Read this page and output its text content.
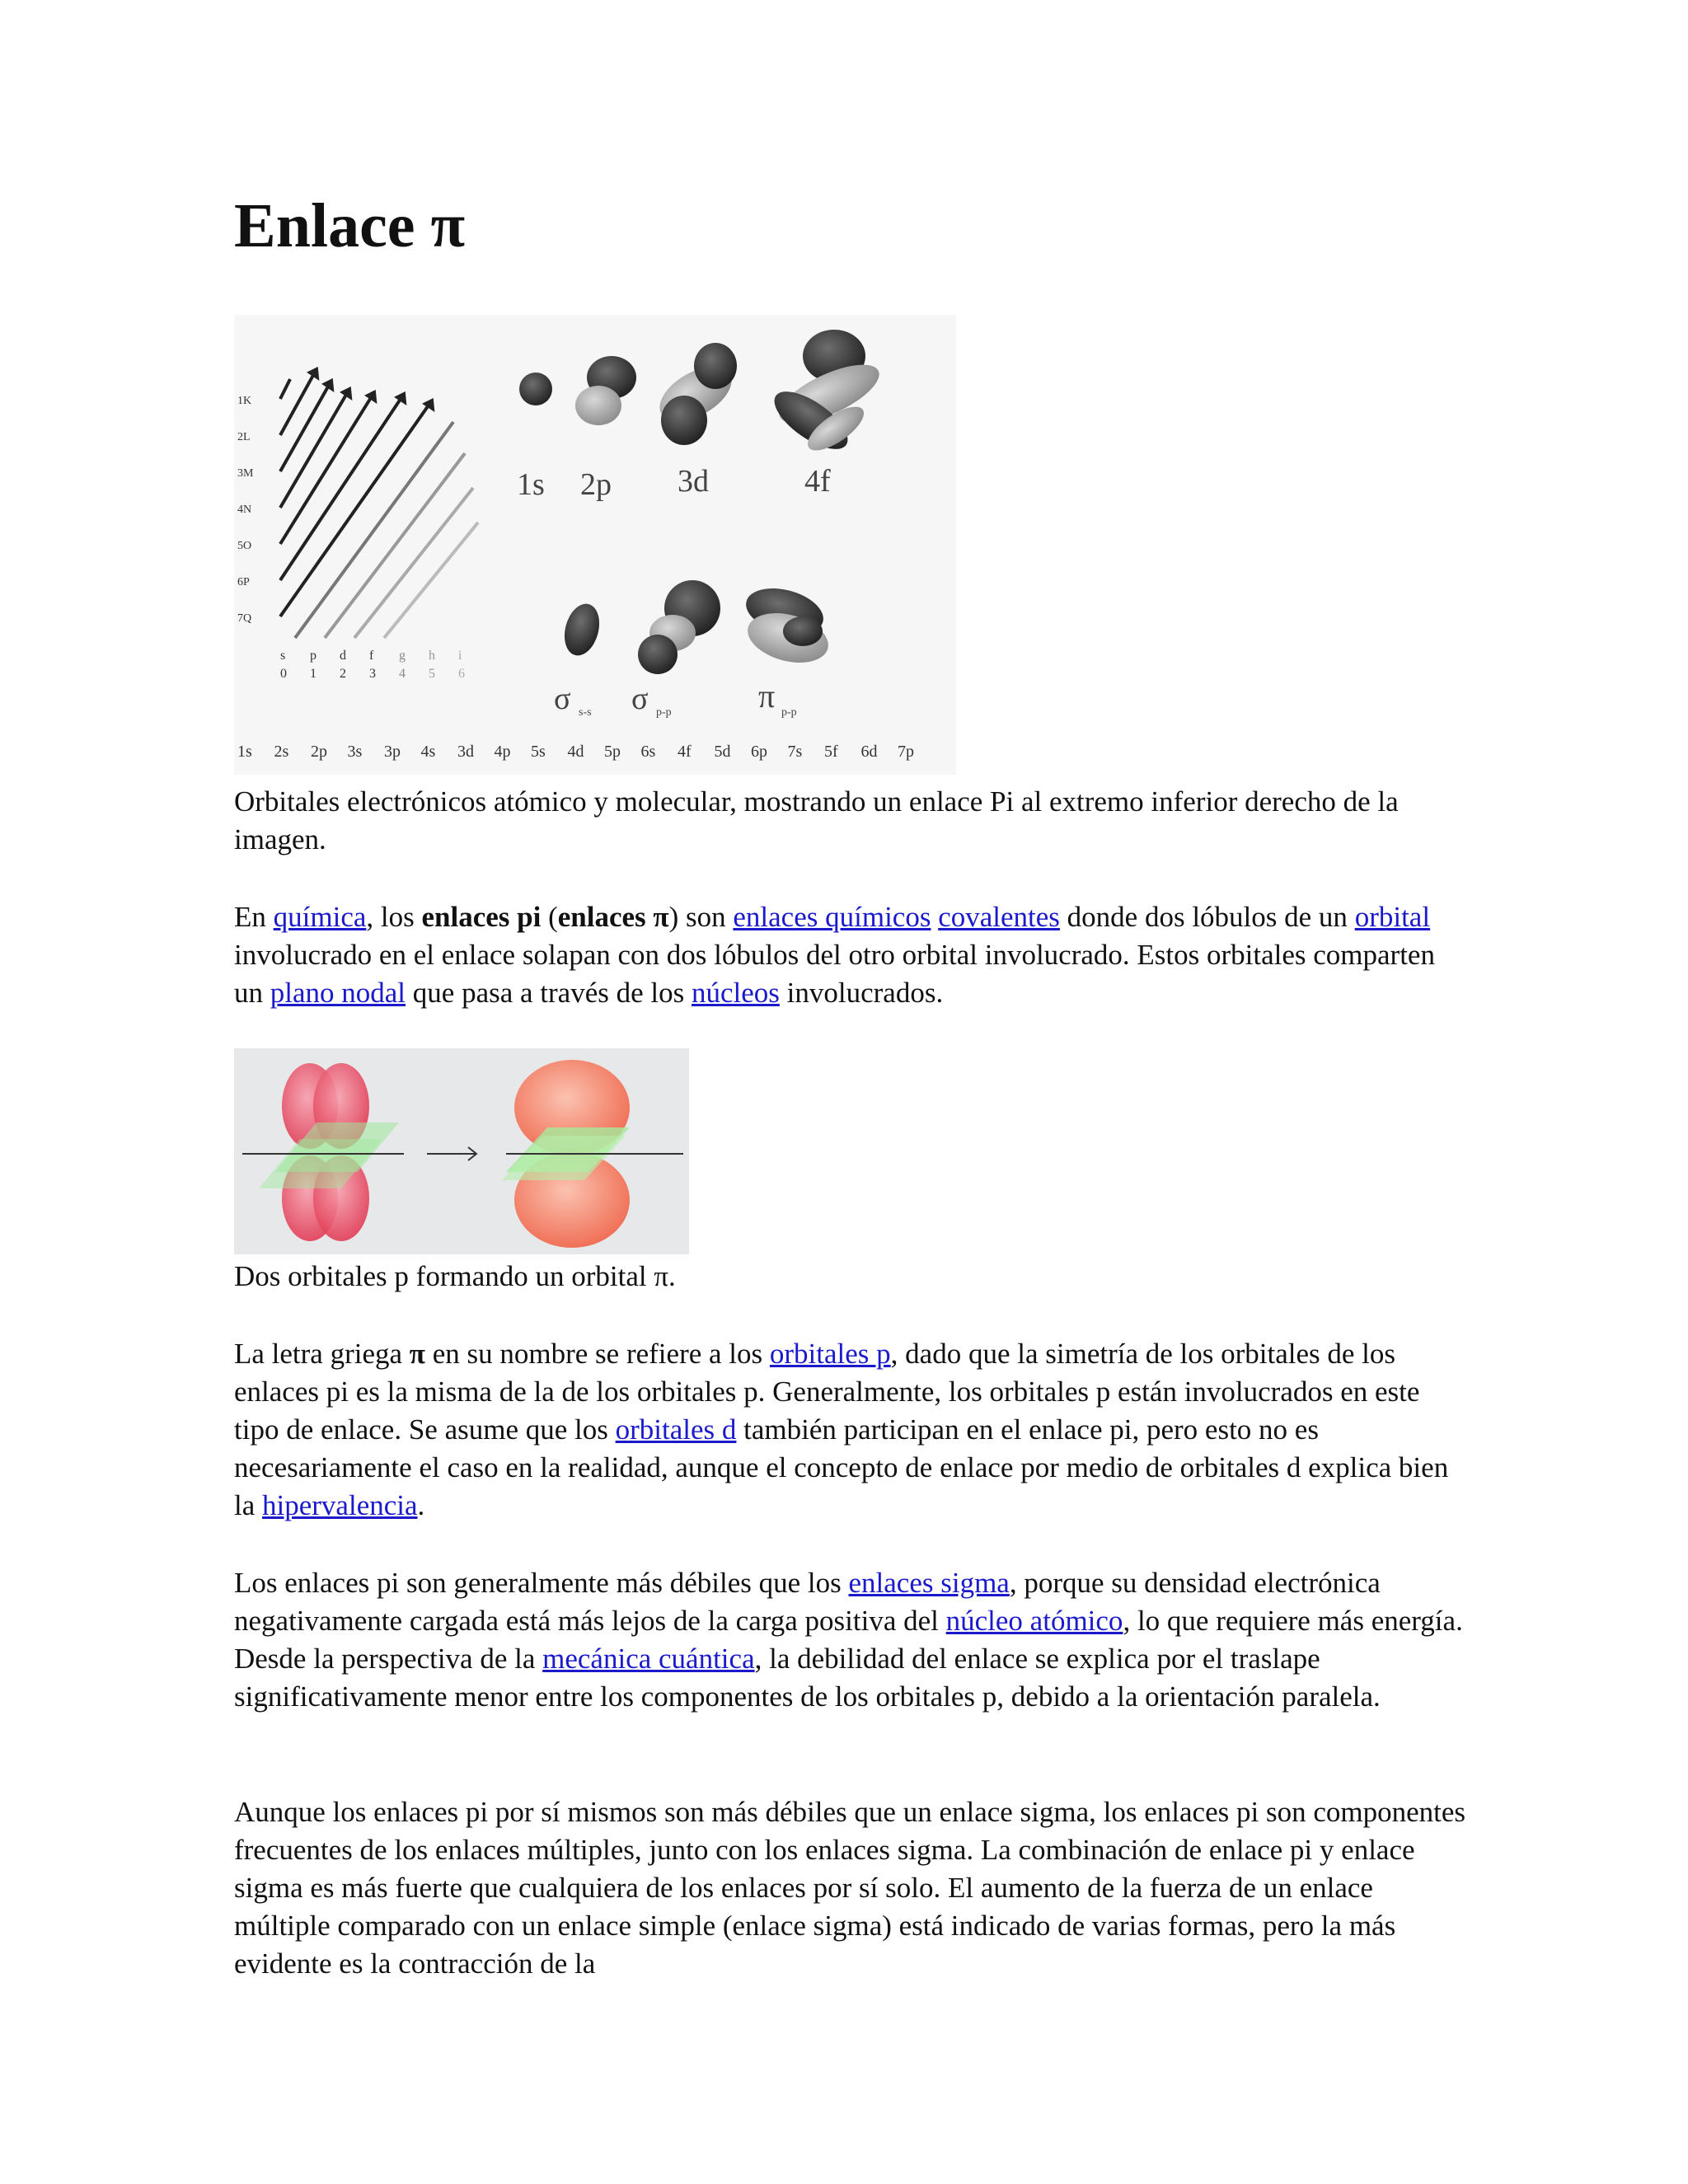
Enlace π
1K
2L
3M
4N
5O
6P
7Q
s p d f g h i
0 1 2 3 4 5 6
1s 2p 3d	4f
σ s-s σ p-p	π p-p
1s 2s 2p 3s 3p 4s 3d 4p 5s 4d 5p 6s 4f 5d 6p 7s 5f 6d 7p

Orbitales electrónicos atómico y molecular, mostrando un enlace Pi al extremo inferior derecho de la imagen.

En química, los enlaces pi (enlaces π) son enlaces químicos covalentes donde dos lóbulos de un orbital involucrado en el enlace solapan con dos lóbulos del otro orbital involucrado. Estos orbitales comparten un plano nodal que pasa a través de los núcleos involucrados.

Dos orbitales p formando un orbital π.

La letra griega π en su nombre se refiere a los orbitales p, dado que la simetría de los orbitales de los enlaces pi es la misma de la de los orbitales p. Generalmente, los orbitales p están involucrados en este tipo de enlace. Se asume que los orbitales d también participan en el enlace pi, pero esto no es necesariamente el caso en la realidad, aunque el concepto de enlace por medio de orbitales d explica bien la hipervalencia.

Los enlaces pi son generalmente más débiles que los enlaces sigma, porque su densidad electrónica negativamente cargada está más lejos de la carga positiva del núcleo atómico, lo que requiere más energía. Desde la perspectiva de la mecánica cuántica, la debilidad del enlace se explica por el traslape significativamente menor entre los componentes de los orbitales p, debido a la orientación paralela.

Aunque los enlaces pi por sí mismos son más débiles que un enlace sigma, los enlaces pi son componentes frecuentes de los enlaces múltiples, junto con los enlaces sigma. La combinación de enlace pi y enlace sigma es más fuerte que cualquiera de los enlaces por sí solo. El aumento de la fuerza de un enlace múltiple comparado con un enlace simple (enlace sigma) está indicado de varias formas, pero la más evidente es la contracción de la
